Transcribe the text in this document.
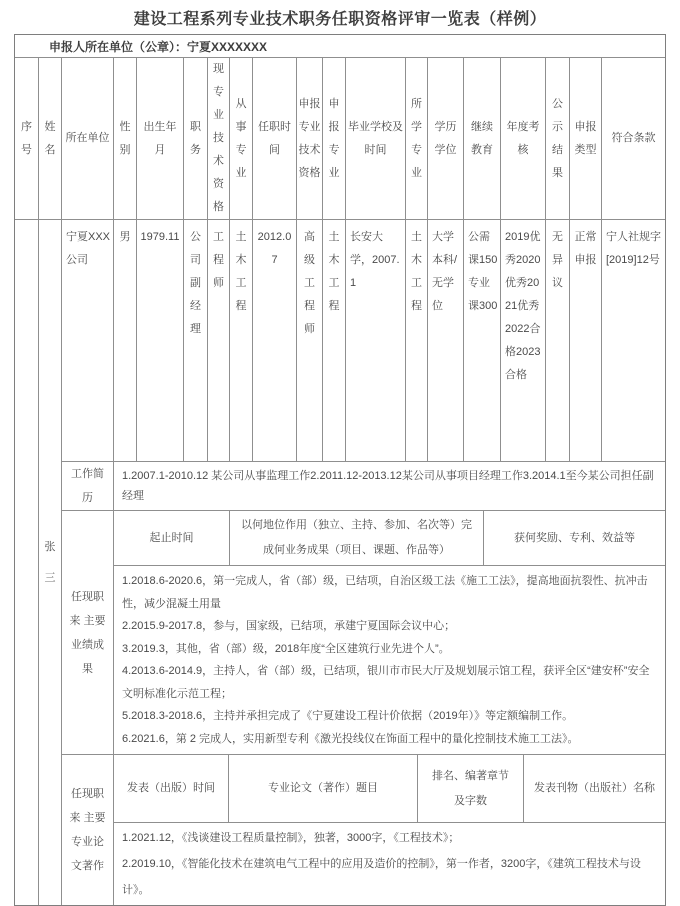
建设工程系列专业技术职务任职资格评审一览表（样例）
申报人所在单位（公章）：宁夏XXXXXXX
序号
姓名
所在单位
性别
出生年月
职务
现专业技术资格
从事专业
任职时间
申报专业技术资格
申报专业
毕业学校及时间
所学专业
学历学位
继续教育
年度考核
公示结果
申报类型
符合条款
张三
宁夏XXX公司
男 1979.11 公司副经理
工程师
土木工程
2012.07
高级工程师
土木工程
长安大学，2007.1
土木工程
大学本科/无学位
公需课150专业课300
2019优秀2020优秀2021优秀2022合格2023合格
无异议
正常申报
宁人社规字[2019]12号
工作简历
1.2007.1-2010.12 某公司从事监理工作2.2011.12-2013.12某公司从事项目经理工作3.2014.1至今某公司担任副经理
任现职来 主要业绩成果
起止时间
以何地位作用（独立、主持、参加、名次等）完成何业务成果（项目、课题、作品等）
获何奖励、专利、效益等
1.2018.6-2020.6，第一完成人，省（部）级，已结项，自治区级工法《施工工法》，提高地面抗裂性、抗冲击性，减少混凝土用量
2.2015.9-2017.8，参与，国家级，已结项，承建宁夏国际会议中心；
3.2019.3，其他，省（部）级，2018年度“全区建筑行业先进个人”。
4.2013.6-2014.9，主持人，省（部）级，已结项，银川市市民大厅及规划展示馆工程，获评全区“建安杯”安全文明标准化示范工程；
5.2018.3-2018.6，主持并承担完成了《宁夏建设工程计价依据（2019年）》等定额编制工作。
6.2021.6，第 2 完成人，实用新型专利《激光投线仪在饰面工程中的量化控制技术施工工法》。
任现职来 主要专业论文著作
发表（出版）时间	专业论文（著作）题目
排名、编著章节及字数
发表刊物（出版社）名称
1.2021.12，《浅谈建设工程质量控制》，独著，3000字，《工程技术》；
2.2019.10，《智能化技术在建筑电气工程中的应用及造价的控制》，第一作者，3200字，《建筑工程技术与设计》。
